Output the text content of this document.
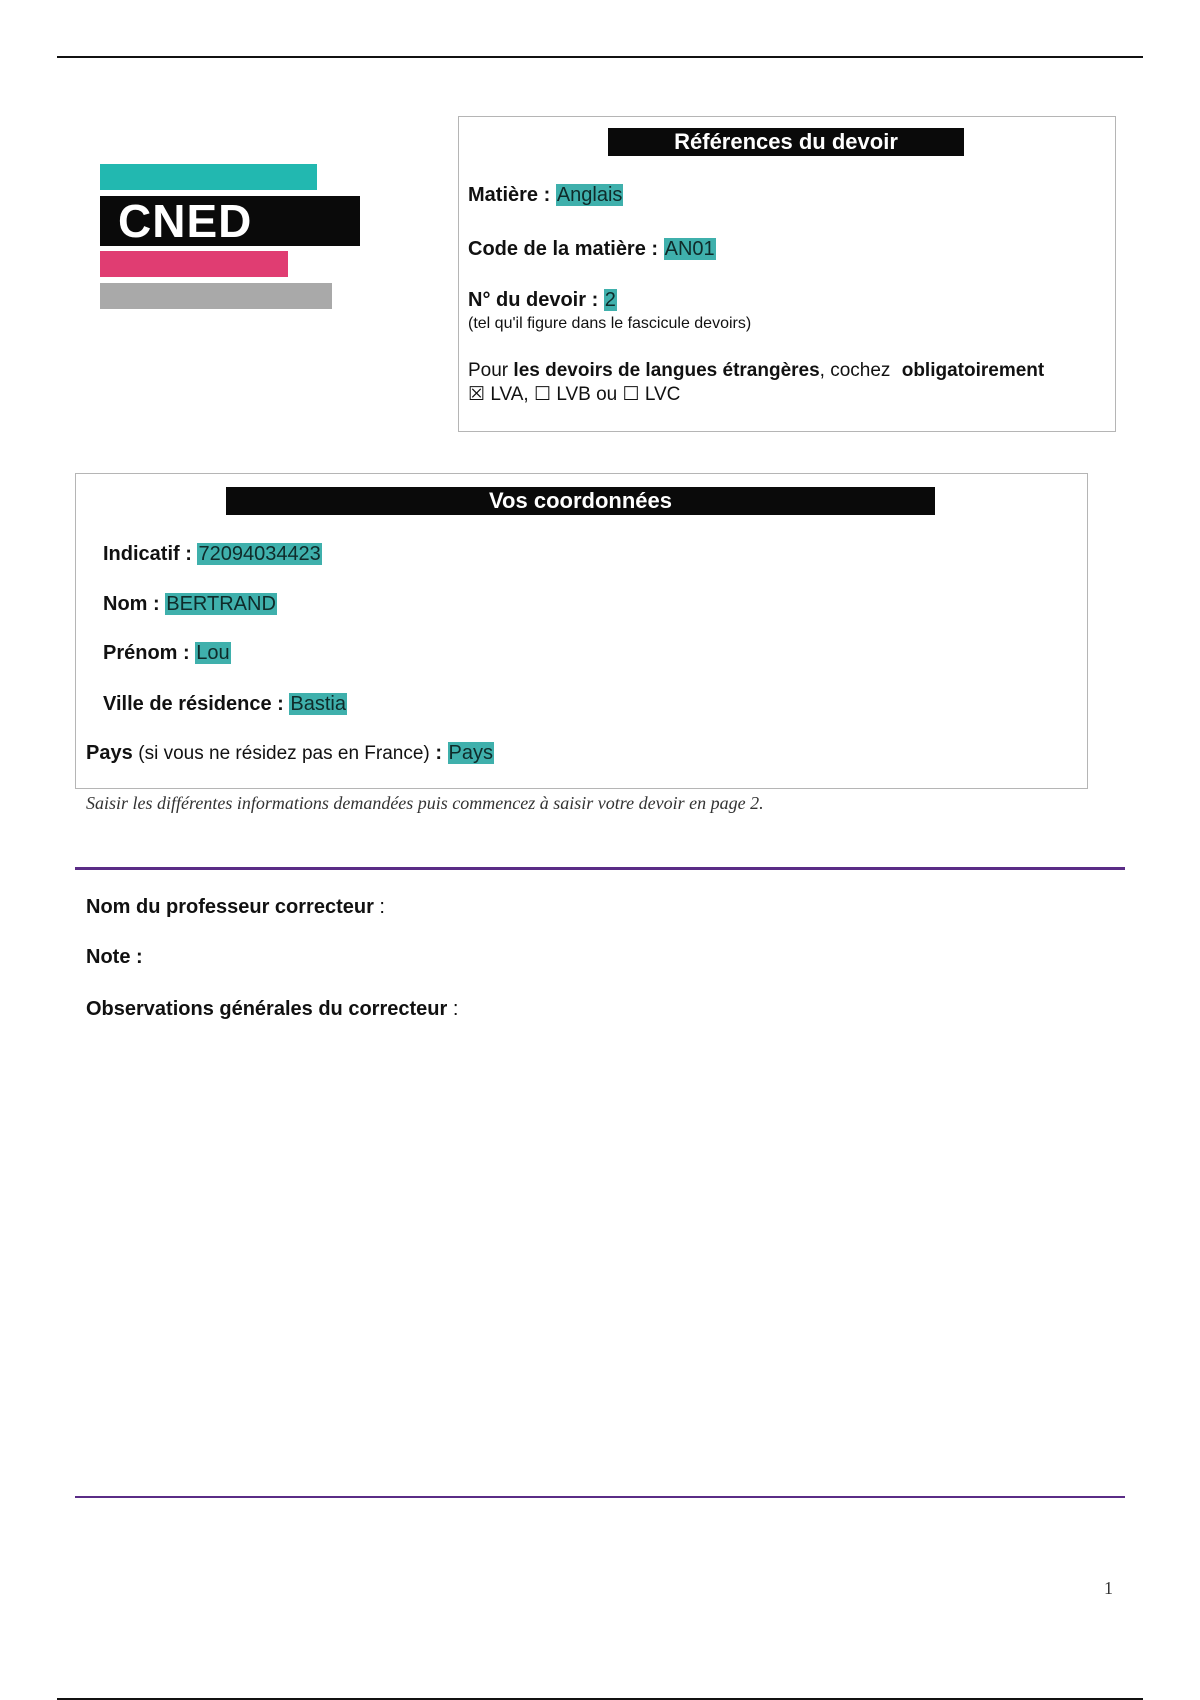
CNED
Références du devoir
Matière : Anglais
Code de la matière : AN01
N° du devoir : 2
(tel qu'il figure dans le fascicule devoirs)
Pour les devoirs de langues étrangères, cochez obligatoirement
☒ LVA, ☐ LVB ou ☐ LVC
Vos coordonnées
Indicatif : 72094034423
Nom : BERTRAND
Prénom : Lou
Ville de résidence : Bastia
Pays (si vous ne résidez pas en France) : Pays
Saisir les différentes informations demandées puis commencez à saisir votre devoir en page 2.
Nom du professeur correcteur :
Note :
Observations générales du correcteur :
1
